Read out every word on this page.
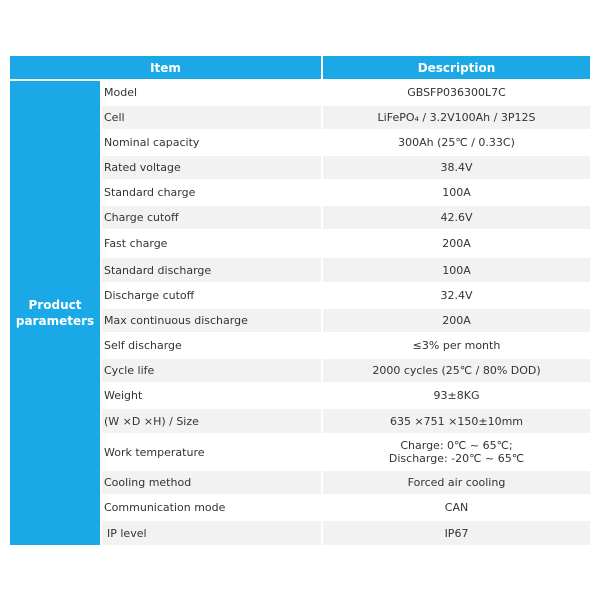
Item	Description
Product parameters
Model	GBSFP036300L7C
Cell	LiFePO₄ / 3.2V100Ah / 3P12S
Nominal capacity	300Ah (25℃ / 0.33C)
Rated voltage	38.4V
Standard charge	100A
Charge cutoff	42.6V
Fast charge	200A
Standard discharge	100A
Discharge cutoff	32.4V
Max continuous discharge	200A
Self discharge	≤3% per month
Cycle life	2000 cycles (25℃ / 80% DOD)
Weight	93±8KG
(W ×D ×H) / Size	635 ×751 ×150±10mm
Work temperature	Charge: 0℃ ~ 65℃;
Discharge: -20℃ ~ 65℃
Cooling method	Forced air cooling
Communication mode	CAN
IP level	IP67
